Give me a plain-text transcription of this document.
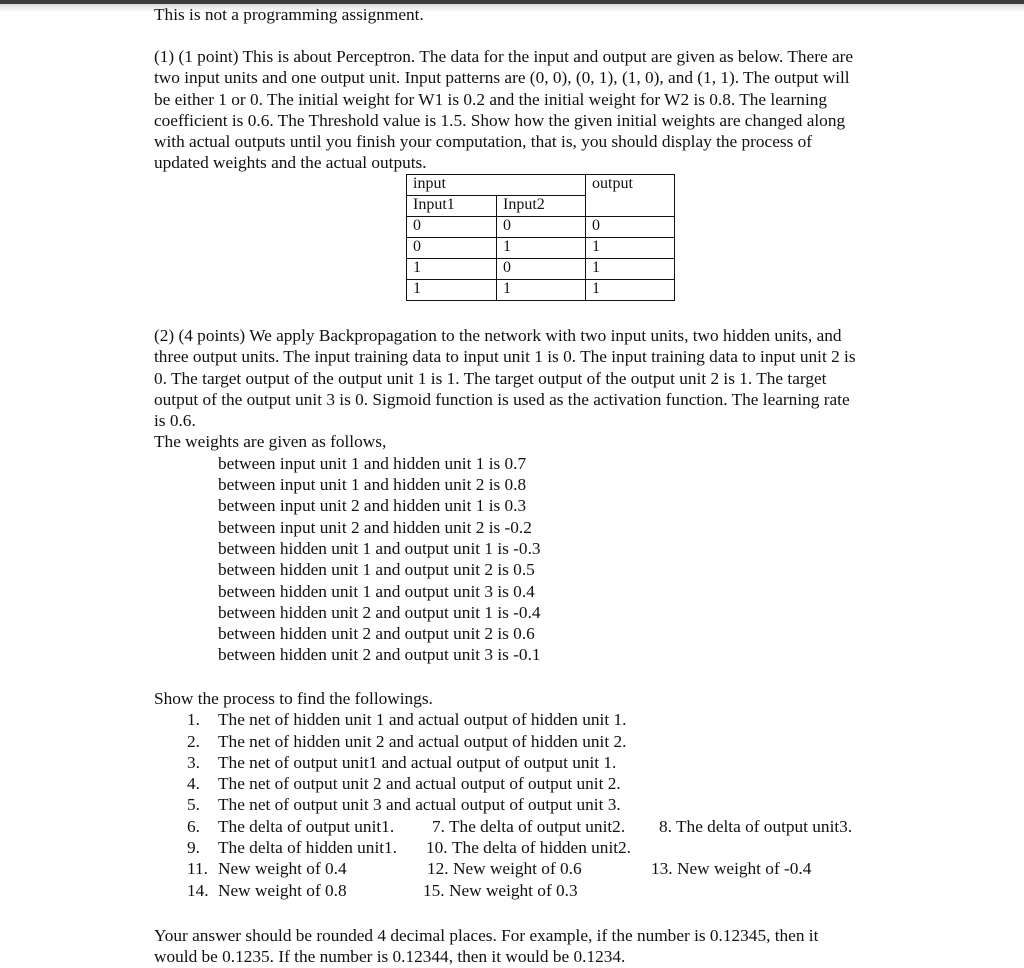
This is not a programming assignment.

(1) (1 point) This is about Perceptron. The data for the input and output are given as below. There are

two input units and one output unit. Input patterns are (0, 0), (0, 1), (1, 0), and (1, 1). The output will

be either 1 or 0. The initial weight for W1 is 0.2 and the initial weight for W2 is 0.8. The learning

coefficient is 0.6. The Threshold value is 1.5. Show how the given initial weights are changed along

with actual outputs until you finish your computation, that is, you should display the process of

updated weights and the actual outputs.

input		output
Input1	Input2	
0	0	0
0	1	1
1	0	1
1	1	1

(2) (4 points) We apply Backpropagation to the network with two input units, two hidden units, and

three output units. The input training data to input unit 1 is 0. The input training data to input unit 2 is

0. The target output of the output unit 1 is 1. The target output of the output unit 2 is 1. The target

output of the output unit 3 is 0. Sigmoid function is used as the activation function. The learning rate

is 0.6.

The weights are given as follows,

between input unit 1 and hidden unit 1 is 0.7

between input unit 1 and hidden unit 2 is 0.8

between input unit 2 and hidden unit 1 is 0.3

between input unit 2 and hidden unit 2 is -0.2

between hidden unit 1 and output unit 1 is -0.3

between hidden unit 1 and output unit 2 is 0.5

between hidden unit 1 and output unit 3 is 0.4

between hidden unit 2 and output unit 1 is -0.4

between hidden unit 2 and output unit 2 is 0.6

between hidden unit 2 and output unit 3 is -0.1

Show the process to find the followings.

1. The net of hidden unit 1 and actual output of hidden unit 1.
2. The net of hidden unit 2 and actual output of hidden unit 2.
3. The net of output unit1 and actual output of output unit 1.
4. The net of output unit 2 and actual output of output unit 2.
5. The net of output unit 3 and actual output of output unit 3.
6. The delta of output unit1. 7. The delta of output unit2. 8. The delta of output unit3.
9. The delta of hidden unit1. 10. The delta of hidden unit2.
11. New weight of 0.4	12. New weight of 0.6	13. New weight of -0.4
14. New weight of 0.8	15. New weight of 0.3

Your answer should be rounded 4 decimal places. For example, if the number is 0.12345, then it

would be 0.1235. If the number is 0.12344, then it would be 0.1234.
